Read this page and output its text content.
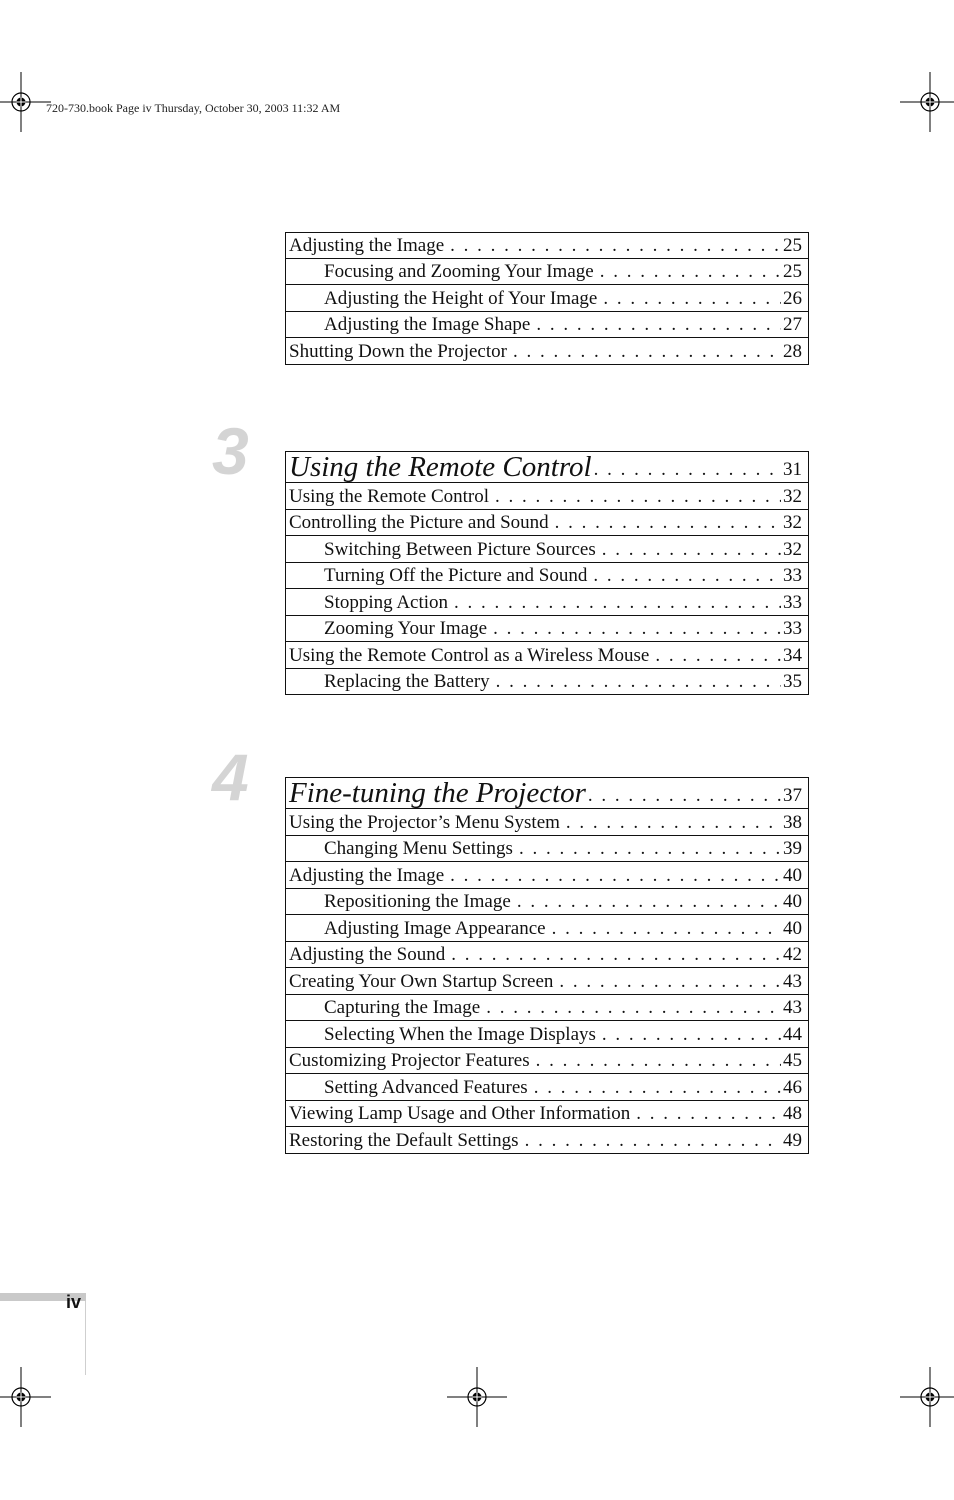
720-730.book Page iv Thursday, October 30, 2003 11:32 AM
Adjusting the Image . . .	25
Focusing and Zooming Your Image . . .	25
Adjusting the Height of Your Image . . .	26
Adjusting the Image Shape . . .	27
Shutting Down the Projector . . .	28
3 Using the Remote Control . . .	31
Using the Remote Control . . .	32
Controlling the Picture and Sound . . .	32
Switching Between Picture Sources . . .	32
Turning Off the Picture and Sound . . .	33
Stopping Action . . .	33
Zooming Your Image . . .	33
Using the Remote Control as a Wireless Mouse . . .	34
Replacing the Battery . . .	35
4 Fine-tuning the Projector . . .	37
Using the Projector’s Menu System . . .	38
Changing Menu Settings . . .	39
Adjusting the Image . . .	40
Repositioning the Image . . .	40
Adjusting Image Appearance . . .	40
Adjusting the Sound . . .	42
Creating Your Own Startup Screen . . .	43
Capturing the Image . . .	43
Selecting When the Image Displays . . .	44
Customizing Projector Features . . .	45
Setting Advanced Features . . .	46
Viewing Lamp Usage and Other Information . . .	48
Restoring the Default Settings . . .	49
iv
